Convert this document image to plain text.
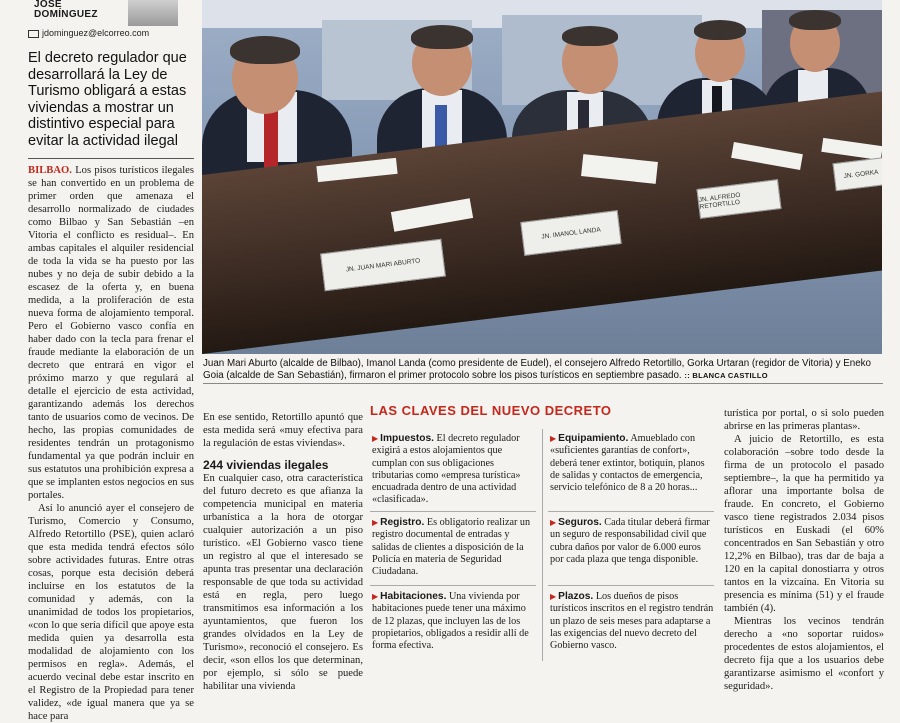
JOSÉ
DOMÍNGUEZ
jdominguez@elcorreo.com
El decreto regulador que desarrollará la Ley de Turismo obligará a estas viviendas a mostrar un distintivo especial para evitar la actividad ilegal

BILBAO. Los pisos turísticos ilegales se han convertido en un problema de primer orden que amenaza el desarrollo normalizado de ciudades como Bilbao y San Sebastián –en Vitoria el conflicto es residual–. En ambas capitales el alquiler residencial de toda la vida se ha puesto por las nubes y no deja de subir debido a la escasez de la oferta y, en buena medida, a la proliferación de esta nueva forma de alojamiento temporal. Pero el Gobierno vasco confía en haber dado con la tecla para frenar el fraude mediante la elaboración de un decreto que entrará en vigor el próximo marzo y que regulará al detalle el ejercicio de esta actividad, garantizando además los derechos tanto de usuarios como de vecinos. De hecho, las propias comunidades de residentes tendrán un protagonismo fundamental ya que podrán incluir en sus estatutos una prohibición expresa a que se implanten estos negocios en sus portales.

Así lo anunció ayer el consejero de Turismo, Comercio y Consumo, Alfredo Retortillo (PSE), quien aclaró que esta medida tendrá efectos sólo sobre actividades futuras. Entre otras cosas, porque esta decisión deberá incluirse en los estatutos de la comunidad y además, con la unanimidad de todos los propietarios, «con lo que sería difícil que apoye esta medida quien ya desarrolla esta modalidad de alojamiento con los permisos en regla». Además, el acuerdo vecinal debe estar inscrito en el Registro de la Propiedad para tener validez, «de igual manera que ya se hace para

JN. JUAN MARI ABURTO
JN. IMANOL LANDA
JN. ALFREDO RETORTILLO
JN. GORKA
Juan Mari Aburto (alcalde de Bilbao), Imanol Landa (como presidente de Eudel), el consejero Alfredo Retortillo, Gorka Urtaran (regidor de Vitoria) y Eneko Goia (alcalde de San Sebastián), firmaron el primer protocolo sobre los pisos turísticos en septiembre pasado. :: BLANCA CASTILLO

En ese sentido, Retortillo apuntó que esta medida será «muy efectiva para la regulación de estas viviendas».

244 viviendas ilegales

En cualquier caso, otra característica del futuro decreto es que afianza la competencia municipal en materia urbanística a la hora de otorgar cualquier autorización a un piso turístico. «El Gobierno vasco tiene un registro al que el interesado se apunta tras presentar una declaración responsable de que toda su actividad está en regla, pero luego transmitimos esa información a los ayuntamientos, que fueron los grandes olvidados en la Ley de Turismo», reconoció el consejero. Es decir, «son ellos los que determinan, por ejemplo, si sólo se puede habilitar una vivienda

LAS CLAVES DEL NUEVO DECRETO
▶ Impuestos. El decreto regulador exigirá a estos alojamientos que cumplan con sus obligaciones tributarias como «empresa turística» encuadrada dentro de una actividad «clasificada».
▶ Registro. Es obligatorio realizar un registro documental de entradas y salidas de clientes a disposición de la Policía en materia de Seguridad Ciudadana.
▶ Habitaciones. Una vivienda por habitaciones puede tener una máximo de 12 plazas, que incluyen las de los propietarios, obligados a residir allí de forma efectiva.
▶ Equipamiento. Amueblado con «suficientes garantías de confort», deberá tener extintor, botiquín, planos de salidas y contactos de emergencia, servicio telefónico de 8 a 20 horas...
▶ Seguros. Cada titular deberá firmar un seguro de responsabilidad civil que cubra daños por valor de 6.000 euros por cada plaza que tenga disponible.
▶ Plazos. Los dueños de pisos turísticos inscritos en el registro tendrán un plazo de seis meses para adaptarse a las exigencias del nuevo decreto del Gobierno vasco.

turística por portal, o si solo pueden abrirse en las primeras plantas».

A juicio de Retortillo, es esta colaboración –sobre todo desde la firma de un protocolo el pasado septiembre–, la que ha permitido ya aflorar una importante bolsa de fraude. En concreto, el Gobierno vasco tiene registrados 2.034 pisos turísticos en Euskadi (el 60% concentrados en San Sebastián y otro 12,2% en Bilbao), tras dar de baja a 120 en la capital donostiarra y otros tantos en la vizcaína. En Vitoria su presencia es mínima (51) y el fraude también (4).

Mientras los vecinos tendrán derecho a «no soportar ruidos» procedentes de estos alojamientos, el decreto fija que a los usuarios debe garantizarse asimismo el «confort y seguridad».
